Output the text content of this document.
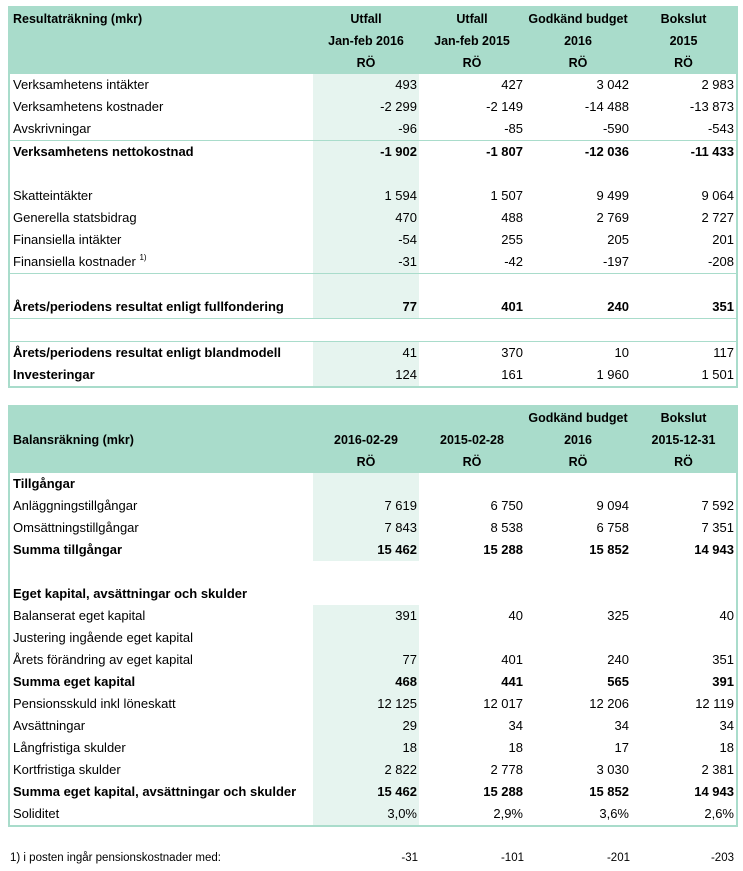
Resultaträkning (mkr)	Utfall	Utfall	Godkänd budget	Bokslut
	Jan-feb 2016	Jan-feb 2015	2016	2015
	RÖ	RÖ	RÖ	RÖ
Verksamhetens intäkter	493	427	3 042	2 983
Verksamhetens kostnader	-2 299	-2 149	-14 488	-13 873
Avskrivningar	-96	-85	-590	-543
Verksamhetens nettokostnad	-1 902	-1 807	-12 036	-11 433

Skatteintäkter	1 594	1 507	9 499	9 064
Generella statsbidrag	470	488	2 769	2 727
Finansiella intäkter	-54	255	205	201
Finansiella kostnader $^{1)}$	-31	-42	-197	-208

Årets/periodens resultat enligt fullfondering	77	401	240	351

Årets/periodens resultat enligt blandmodell	41	370	10	117
Investeringar	124	161	1 960	1 501
			Godkänd budget	Bokslut
Balansräkning (mkr)	2016-02-29	2015-02-28	2016	2015-12-31
	RÖ	RÖ	RÖ	RÖ
Tillgångar				
Anläggningstillgångar	7 619	6 750	9 094	7 592
Omsättningstillgångar	7 843	8 538	6 758	7 351
Summa tillgångar	15 462	15 288	15 852	14 943

Eget kapital, avsättningar och skulder				
Balanserat eget kapital	391	40	325	40
Justering ingående eget kapital				
Årets förändring av eget kapital	77	401	240	351
Summa eget kapital	468	441	565	391
Pensionsskuld inkl löneskatt	12 125	12 017	12 206	12 119
Avsättningar	29	34	34	34
Långfristiga skulder	18	18	17	18
Kortfristiga skulder	2 822	2 778	3 030	2 381
Summa eget kapital, avsättningar och skulder	15 462	15 288	15 852	14 943
Soliditet	3,0%	2,9%	3,6%	2,6%
1) i posten ingår pensionskostnader med:	-31	-101	-201	-203
